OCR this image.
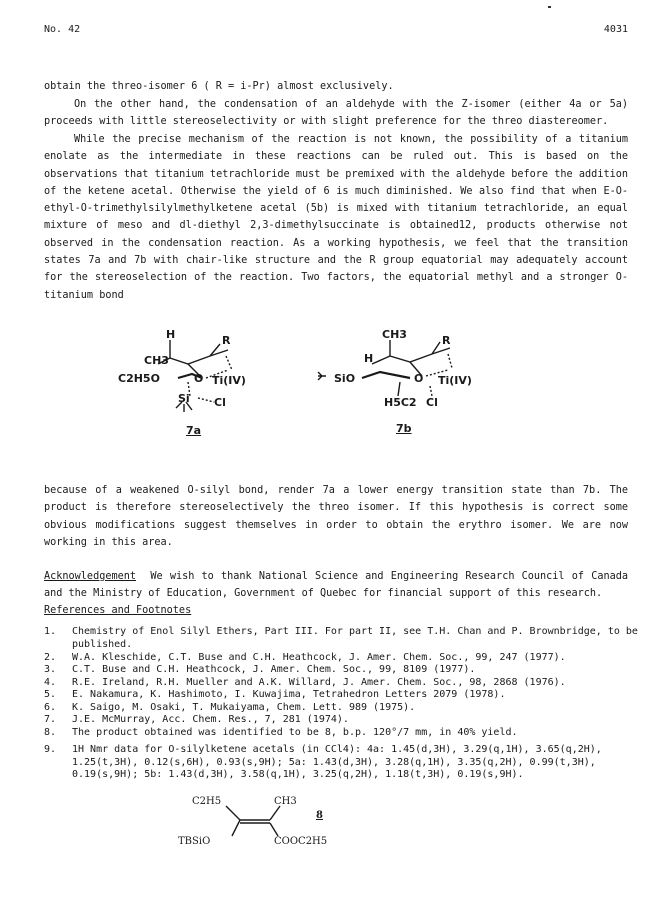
No. 42	4031
obtain the threo-isomer 6 ( R = i-Pr) almost exclusively.
On the other hand, the condensation of an aldehyde with the Z-isomer (either 4a or 5a) proceeds with little stereoselectivity or with slight preference for the threo diastereomer.
While the precise mechanism of the reaction is not known, the possibility of a titanium enolate as the intermediate in these reactions can be ruled out. This is based on the observations that titanium tetrachloride must be premixed with the aldehyde before the addition of the ketene acetal. Otherwise the yield of 6 is much diminished. We also find that when E-O-ethyl-O-trimethylsilylmethylketene acetal (5b) is mixed with titanium tetrachloride, an equal mixture of meso and dl-diethyl 2,3-dimethylsuccinate is obtained12, products otherwise not observed in the condensation reaction. As a working hypothesis, we feel that the transition states 7a and 7b with chair-like structure and the R group equatorial may adequately account for the stereoselection of the reaction. Two factors, the equatorial methyl and a stronger O-titanium bond
H
CH3
R
C2H5O	O Ti(IV)
Si Cl
CH3
H
R
SiO	O Ti(IV)
H5C2 Cl
7a	7b
because of a weakened O-silyl bond, render 7a a lower energy transition state than 7b. The product is therefore stereoselectively the threo isomer. If this hypothesis is correct some obvious modifications suggest themselves in order to obtain the erythro isomer. We are now working in this area.
Acknowledgement We wish to thank National Science and Engineering Research Council of Canada and the Ministry of Education, Government of Quebec for financial support of this research.
References and Footnotes
1. Chemistry of Enol Silyl Ethers, Part III. For part II, see T.H. Chan and P. Brownbridge, to be published.
2. W.A. Kleschide, C.T. Buse and C.H. Heathcock, J. Amer. Chem. Soc., 99, 247 (1977).
3. C.T. Buse and C.H. Heathcock, J. Amer. Chem. Soc., 99, 8109 (1977).
4. R.E. Ireland, R.H. Mueller and A.K. Willard, J. Amer. Chem. Soc., 98, 2868 (1976).
5. E. Nakamura, K. Hashimoto, I. Kuwajima, Tetrahedron Letters 2079 (1978).
6. K. Saigo, M. Osaki, T. Mukaiyama, Chem. Lett. 989 (1975).
7. J.E. McMurray, Acc. Chem. Res., 7, 281 (1974).
8. The product obtained was identified to be 8, b.p. 120°/7 mm, in 40% yield.
9. 1H Nmr data for O-silylketene acetals (in CCl4): 4a: 1.45(d,3H), 3.29(q,1H), 3.65(q,2H), 1.25(t,3H), 0.12(s,6H), 0.93(s,9H); 5a: 1.43(d,3H), 3.28(q,1H), 3.35(q,2H), 0.99(t,3H), 0.19(s,9H); 5b: 1.43(d,3H), 3.58(q,1H), 3.25(q,2H), 1.18(t,3H), 0.19(s,9H).
C2H5	CH3
TBSiO	COOC2H5
8
